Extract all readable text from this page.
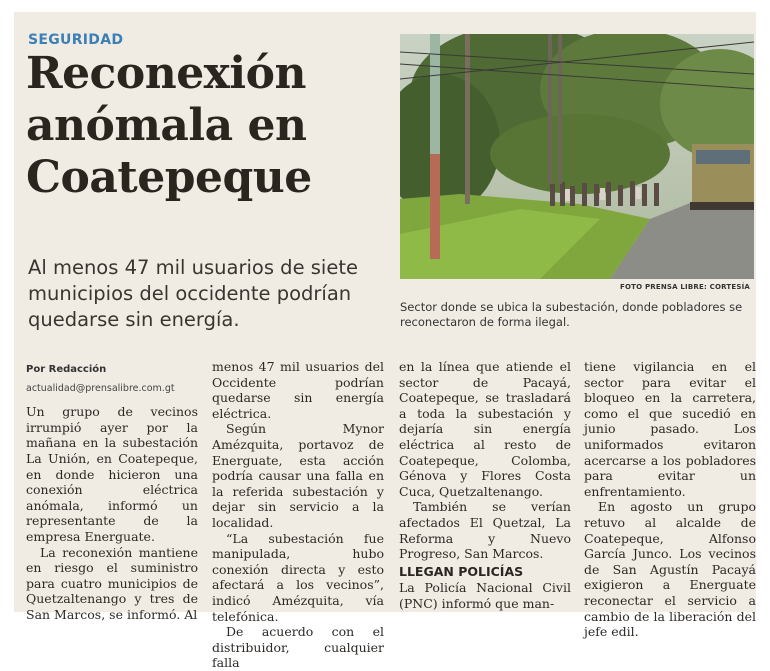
SEGURIDAD
Reconexión anómala en Coatepeque
Al menos 47 mil usuarios de siete municipios del occidente podrían quedarse sin energía.
FOTO PRENSA LIBRE: CORTESÍA
Sector donde se ubica la subestación, donde pobladores se reconectaron de forma ilegal.
Por Redacción
actualidad@prensalibre.com.gt

Un grupo de vecinos irrumpió ayer por la mañana en la subestación La Unión, en Coatepeque, en donde hicieron una conexión eléctrica anómala, informó un representante de la empresa Energuate.

La reconexión mantiene en riesgo el suministro para cuatro municipios de Quetzaltenango y tres de San Marcos, se informó. Al

menos 47 mil usuarios del Occidente podrían quedarse sin energía eléctrica.

Según Mynor Amézquita, portavoz de Energuate, esta acción podría causar una falla en la referida subestación y dejar sin servicio a la localidad.

“La subestación fue manipulada, hubo conexión directa y esto afectará a los vecinos”, indicó Amézquita, vía telefónica.

De acuerdo con el distribuidor, cualquier falla

en la línea que atiende el sector de Pacayá, Coatepeque, se trasladará a toda la subestación y dejaría sin energía eléctrica al resto de Coatepeque, Colomba, Génova y Flores Costa Cuca, Quetzaltenango.

También se verían afectados El Quetzal, La Reforma y Nuevo Progreso, San Marcos.

LLEGAN POLICÍAS

La Policía Nacional Civil (PNC) informó que man-

tiene vigilancia en el sector para evitar el bloqueo en la carretera, como el que sucedió en junio pasado. Los uniformados evitaron acercarse a los pobladores para evitar un enfrentamiento.

En agosto un grupo retuvo al alcalde de Coatepeque, Alfonso García Junco. Los vecinos de San Agustín Pacayá exigieron a Energuate reconectar el servicio a cambio de la liberación del jefe edil.
